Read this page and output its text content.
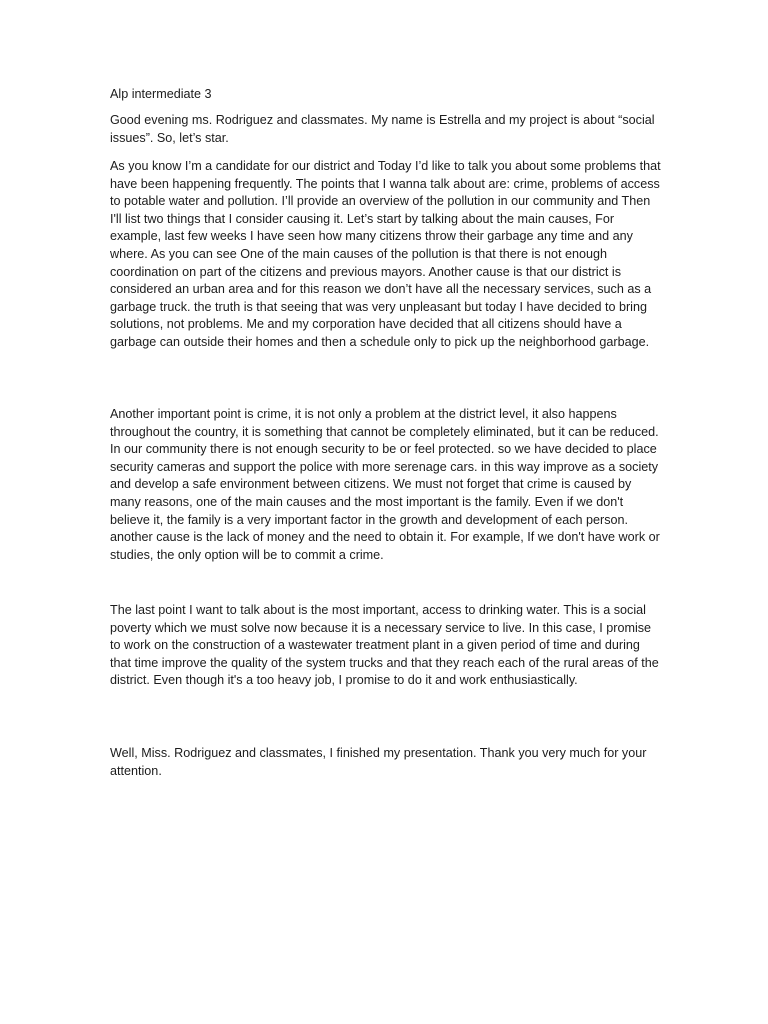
Alp intermediate 3

Good evening ms. Rodriguez and classmates. My name is Estrella and my project is about “social issues”. So, let’s star.

As you know I’m a candidate for our district and Today I’d like to talk you about some problems that have been happening frequently. The points that I wanna talk about are: crime, problems of access to potable water and pollution. I’ll provide an overview of the pollution in our community and Then I'll list two things that I consider causing it. Let’s start by talking about the main causes, For example, last few weeks I have seen how many citizens throw their garbage any time and any where. As you can see One of the main causes of the pollution is that there is not enough coordination on part of the citizens and previous mayors. Another cause is that our district is considered an urban area and for this reason we don’t have all the necessary services, such as a garbage truck. the truth is that seeing that was very unpleasant but today I have decided to bring solutions, not problems. Me and my corporation have decided that all citizens should have a garbage can outside their homes and then a schedule only to pick up the neighborhood garbage.

Another important point is crime, it is not only a problem at the district level, it also happens throughout the country, it is something that cannot be completely eliminated, but it can be reduced. In our community there is not enough security to be or feel protected. so we have decided to place security cameras and support the police with more serenage cars. in this way improve as a society and develop a safe environment between citizens. We must not forget that crime is caused by many reasons, one of the main causes and the most important is the family. Even if we don't believe it, the family is a very important factor in the growth and development of each person. another cause is the lack of money and the need to obtain it. For example, If we don't have work or studies, the only option will be to commit a crime.

The last point I want to talk about is the most important, access to drinking water. This is a social poverty which we must solve now because it is a necessary service to live. In this case, I promise to work on the construction of a wastewater treatment plant in a given period of time and during that time improve the quality of the system trucks and that they reach each of the rural areas of the district. Even though it's a too heavy job, I promise to do it and work enthusiastically.

Well, Miss. Rodriguez and classmates, I finished my presentation. Thank you very much for your attention.
